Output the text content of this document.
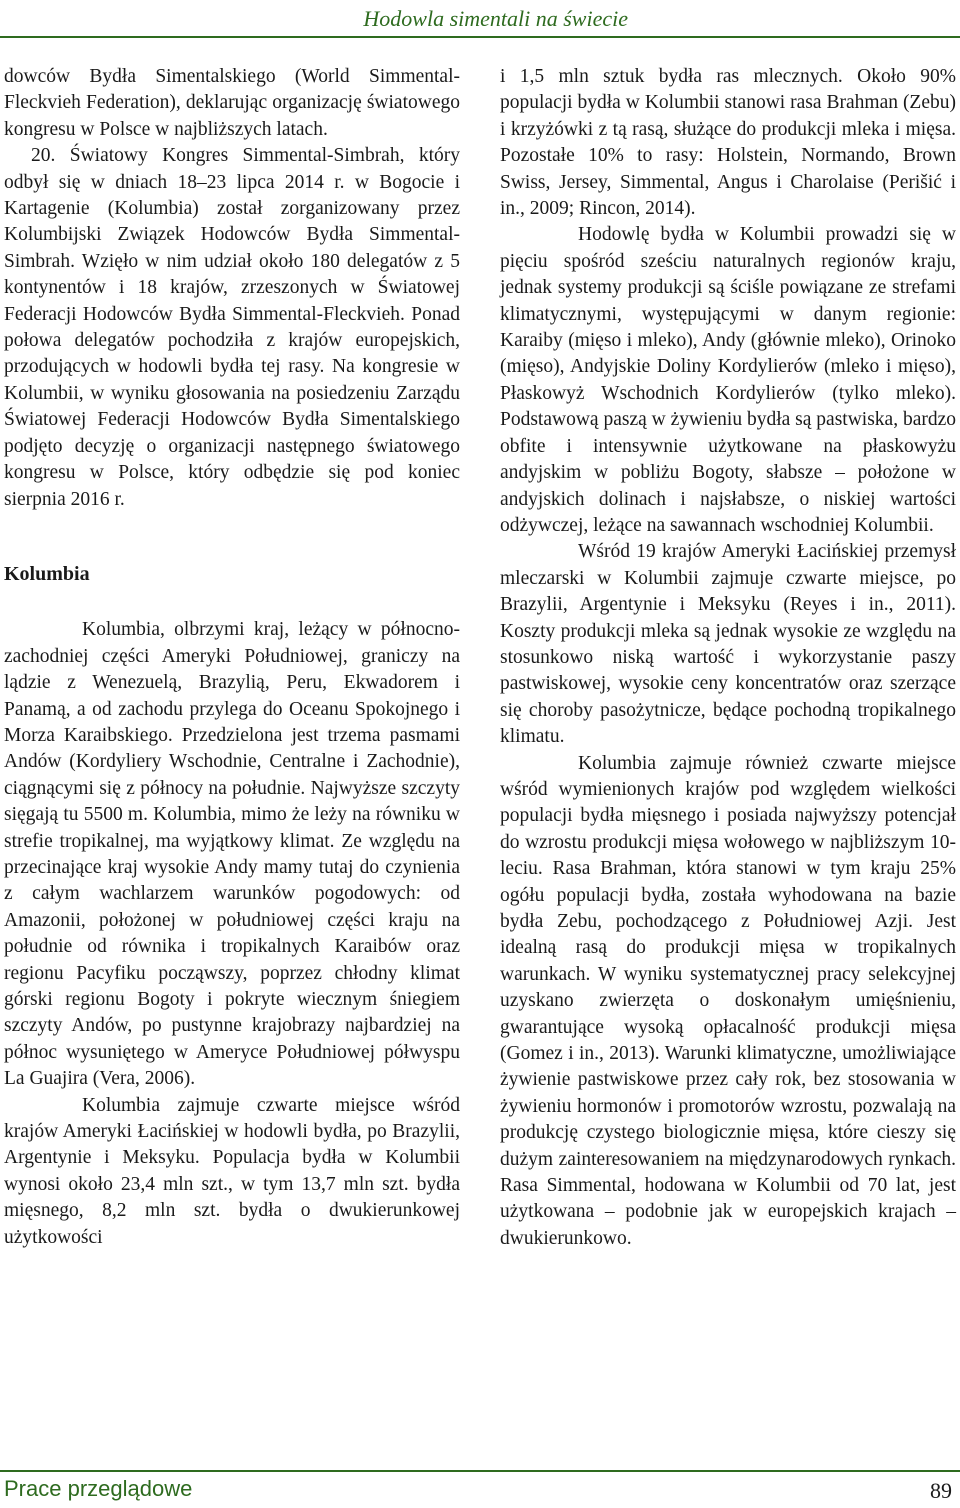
Hodowla simentali na świecie

dowców Bydła Simentalskiego (World Simmental-Fleckvieh Federation), deklarując organizację światowego kongresu w Polsce w najbliższych latach.

20. Światowy Kongres Simmental-Simbrah, który odbył się w dniach 18–23 lipca 2014 r. w Bogocie i Kartagenie (Kolumbia) został zorganizowany przez Kolumbijski Związek Hodowców Bydła Simmental-Simbrah. Wzięło w nim udział około 180 delegatów z 5 kontynentów i 18 krajów, zrzeszonych w Światowej Federacji Hodowców Bydła Simmental-Fleckvieh. Ponad połowa delegatów pochodziła z krajów europejskich, przodujących w hodowli bydła tej rasy. Na kongresie w Kolumbii, w wyniku głosowania na posiedzeniu Zarządu Światowej Federacji Hodowców Bydła Simentalskiego podjęto decyzję o organizacji następnego światowego kongresu w Polsce, który odbędzie się pod koniec sierpnia 2016 r.

Kolumbia

Kolumbia, olbrzymi kraj, leżący w północno-zachodniej części Ameryki Południowej, graniczy na lądzie z Wenezuelą, Brazylią, Peru, Ekwadorem i Panamą, a od zachodu przylega do Oceanu Spokojnego i Morza Karaibskiego. Przedzielona jest trzema pasmami Andów (Kordyliery Wschodnie, Centralne i Zachodnie), ciągnącymi się z północy na południe. Najwyższe szczyty sięgają tu 5500 m. Kolumbia, mimo że leży na równiku w strefie tropikalnej, ma wyjątkowy klimat. Ze względu na przecinające kraj wysokie Andy mamy tutaj do czynienia z całym wachlarzem warunków pogodowych: od Amazonii, położonej w południowej części kraju na południe od równika i tropikalnych Karaibów oraz regionu Pacyfiku począwszy, poprzez chłodny klimat górski regionu Bogoty i pokryte wiecznym śniegiem szczyty Andów, po pustynne krajobrazy najbardziej na północ wysuniętego w Ameryce Południowej półwyspu La Guajira (Vera, 2006).

Kolumbia zajmuje czwarte miejsce wśród krajów Ameryki Łacińskiej w hodowli bydła, po Brazylii, Argentynie i Meksyku. Populacja bydła w Kolumbii wynosi około 23,4 mln szt., w tym 13,7 mln szt. bydła mięsnego, 8,2 mln szt. bydła o dwukierunkowej użytkowości

i 1,5 mln sztuk bydła ras mlecznych. Około 90% populacji bydła w Kolumbii stanowi rasa Brahman (Zebu) i krzyżówki z tą rasą, służące do produkcji mleka i mięsa. Pozostałe 10% to rasy: Holstein, Normando, Brown Swiss, Jersey, Simmental, Angus i Charolaise (Perišić i in., 2009; Rincon, 2014).

Hodowlę bydła w Kolumbii prowadzi się w pięciu spośród sześciu naturalnych regionów kraju, jednak systemy produkcji są ściśle powiązane ze strefami klimatycznymi, występującymi w danym regionie: Karaiby (mięso i mleko), Andy (głównie mleko), Orinoko (mięso), Andyjskie Doliny Kordylierów (mleko i mięso), Płaskowyż Wschodnich Kordylierów (tylko mleko). Podstawową paszą w żywieniu bydła są pastwiska, bardzo obfite i intensywnie użytkowane na płaskowyżu andyjskim w pobliżu Bogoty, słabsze – położone w andyjskich dolinach i najsłabsze, o niskiej wartości odżywczej, leżące na sawannach wschodniej Kolumbii.

Wśród 19 krajów Ameryki Łacińskiej przemysł mleczarski w Kolumbii zajmuje czwarte miejsce, po Brazylii, Argentynie i Meksyku (Reyes i in., 2011). Koszty produkcji mleka są jednak wysokie ze względu na stosunkowo niską wartość i wykorzystanie paszy pastwiskowej, wysokie ceny koncentratów oraz szerzące się choroby pasożytnicze, będące pochodną tropikalnego klimatu.

Kolumbia zajmuje również czwarte miejsce wśród wymienionych krajów pod względem wielkości populacji bydła mięsnego i posiada najwyższy potencjał do wzrostu produkcji mięsa wołowego w najbliższym 10-leciu. Rasa Brahman, która stanowi w tym kraju 25% ogółu populacji bydła, została wyhodowana na bazie bydła Zebu, pochodzącego z Południowej Azji. Jest idealną rasą do produkcji mięsa w tropikalnych warunkach. W wyniku systematycznej pracy selekcyjnej uzyskano zwierzęta o doskonałym umięśnieniu, gwarantujące wysoką opłacalność produkcji mięsa (Gomez i in., 2013). Warunki klimatyczne, umożliwiające żywienie pastwiskowe przez cały rok, bez stosowania w żywieniu hormonów i promotorów wzrostu, pozwalają na produkcję czystego biologicznie mięsa, które cieszy się dużym zainteresowaniem na międzynarodowych rynkach. Rasa Simmental, hodowana w Kolumbii od 70 lat, jest użytkowana – podobnie jak w europejskich krajach – dwukierunkowo.

Prace przeglądowe	89
